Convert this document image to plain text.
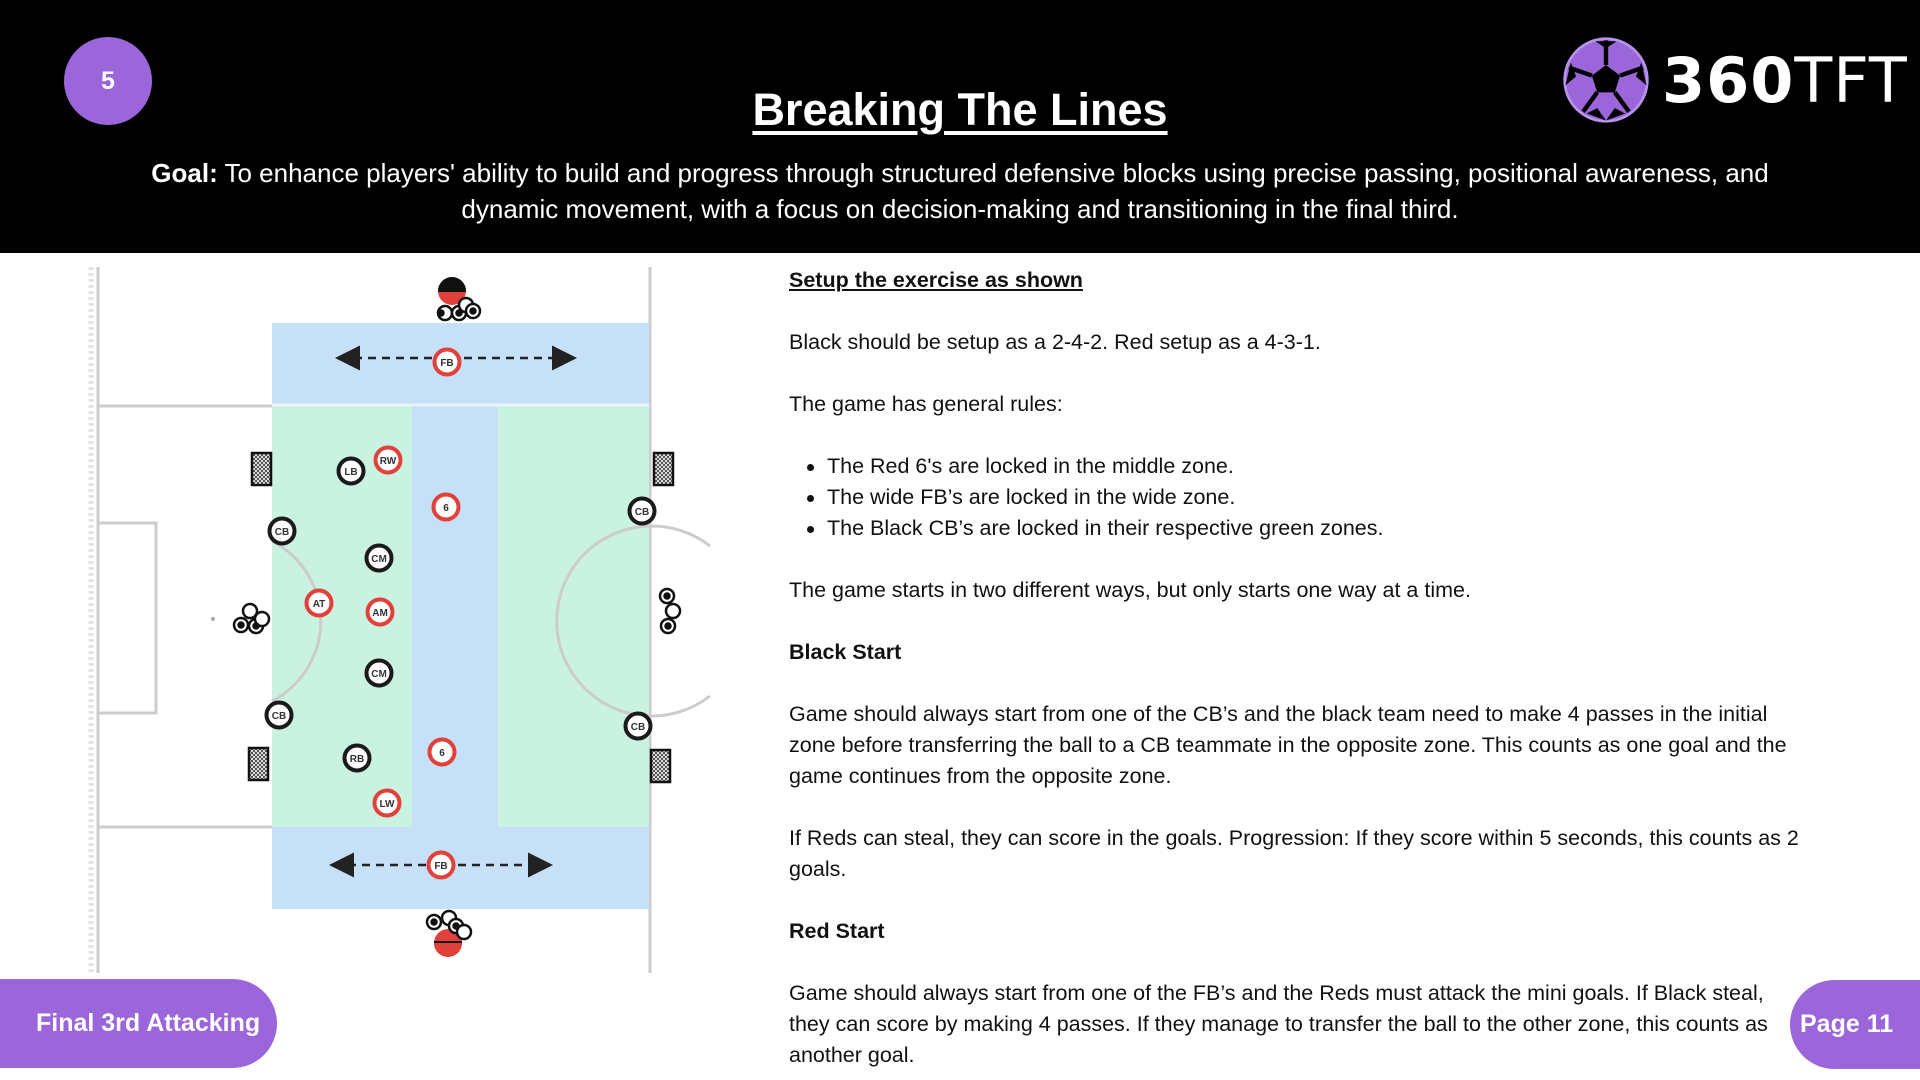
5
Breaking The Lines	360TFT
Goal: To enhance players' ability to build and progress through structured defensive blocks using precise passing, positional awareness, and dynamic movement, with a focus on decision-making and transitioning in the final third.
FB
RW
6
AT
AM
6
LW
FB
LB
CB
CM
CM
CB
RB
CB
CB

Setup the exercise as shown

Black should be setup as a 2-4-2. Red setup as a 4-3-1.

The game has general rules:

The Red 6's are locked in the middle zone.
The wide FB’s are locked in the wide zone.
The Black CB’s are locked in their respective green zones.

The game starts in two different ways, but only starts one way at a time.

Black Start

Game should always start from one of the CB’s and the black team need to make 4 passes in the initial zone before transferring the ball to a CB teammate in the opposite zone. This counts as one goal and the game continues from the opposite zone.

If Reds can steal, they can score in the goals. Progression: If they score within 5 seconds, this counts as 2 goals.

Red Start

Game should always start from one of the FB’s and the Reds must attack the mini goals. If Black steal, they can score by making 4 passes. If they manage to transfer the ball to the other zone, this counts as another goal.

Final 3rd Attacking	Page 11
